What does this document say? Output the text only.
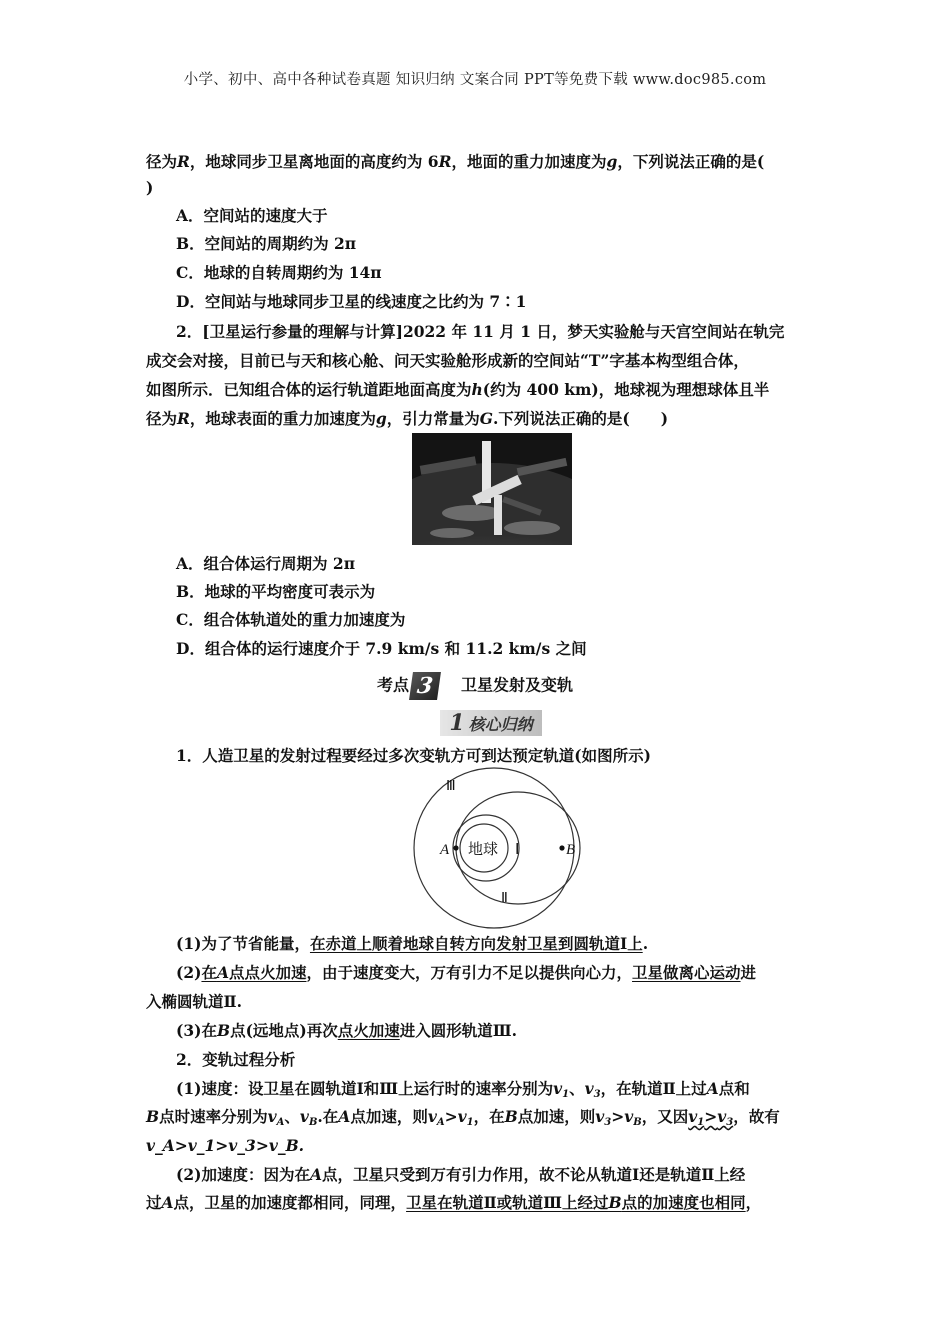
小学、初中、高中各种试卷真题 知识归纳 文案合同 PPT等免费下载 www.doc985.com
径为R，地球同步卫星离地面的高度约为 6R，地面的重力加速度为g，下列说法正确的是(
)
A．空间站的速度大于
B．空间站的周期约为 2π
C．地球的自转周期约为 14π
D．空间站与地球同步卫星的线速度之比约为 7∶1
2．[卫星运行参量的理解与计算]2022 年 11 月 1 日，梦天实验舱与天宫空间站在轨完
成交会对接，目前已与天和核心舱、问天实验舱形成新的空间站“T”字基本构型组合体，
如图所示．已知组合体的运行轨道距地面高度为h(约为 400 km)，地球视为理想球体且半
径为R，地球表面的重力加速度为g，引力常量为G.下列说法正确的是(　　)
A．组合体运行周期为 2π
B．地球的平均密度可表示为
C．组合体轨道处的重力加速度为
D．组合体的运行速度介于 7.9 km/s 和 11.2 km/s 之间
考点 3 卫星发射及变轨
1 核心归纳
1．人造卫星的发射过程要经过多次变轨方可到达预定轨道(如图所示)
Ⅲ
A	B
Ⅰ
Ⅱ
地球
(1)为了节省能量，在赤道上顺着地球自转方向发射卫星到圆轨道Ⅰ上.
(2)在A点点火加速，由于速度变大，万有引力不足以提供向心力，卫星做离心运动进
入椭圆轨道Ⅱ.
(3)在B点(远地点)再次点火加速进入圆形轨道Ⅲ.
2．变轨过程分析
(1)速度：设卫星在圆轨道Ⅰ和Ⅲ上运行时的速率分别为$v_1$、$v_3$，在轨道Ⅱ上过A点和
B点时速率分别为$v_A$、$v_B$.在A点加速，则$v_A>v_1$，在B点加速，则$v_3>v_B$，又因$v_1>v_3$，故有
v_A>v_1>v_3>v_B.
(2)加速度：因为在A点，卫星只受到万有引力作用，故不论从轨道Ⅰ还是轨道Ⅱ上经
过A点，卫星的加速度都相同，同理，卫星在轨道Ⅱ或轨道Ⅲ上经过B点的加速度也相同，
